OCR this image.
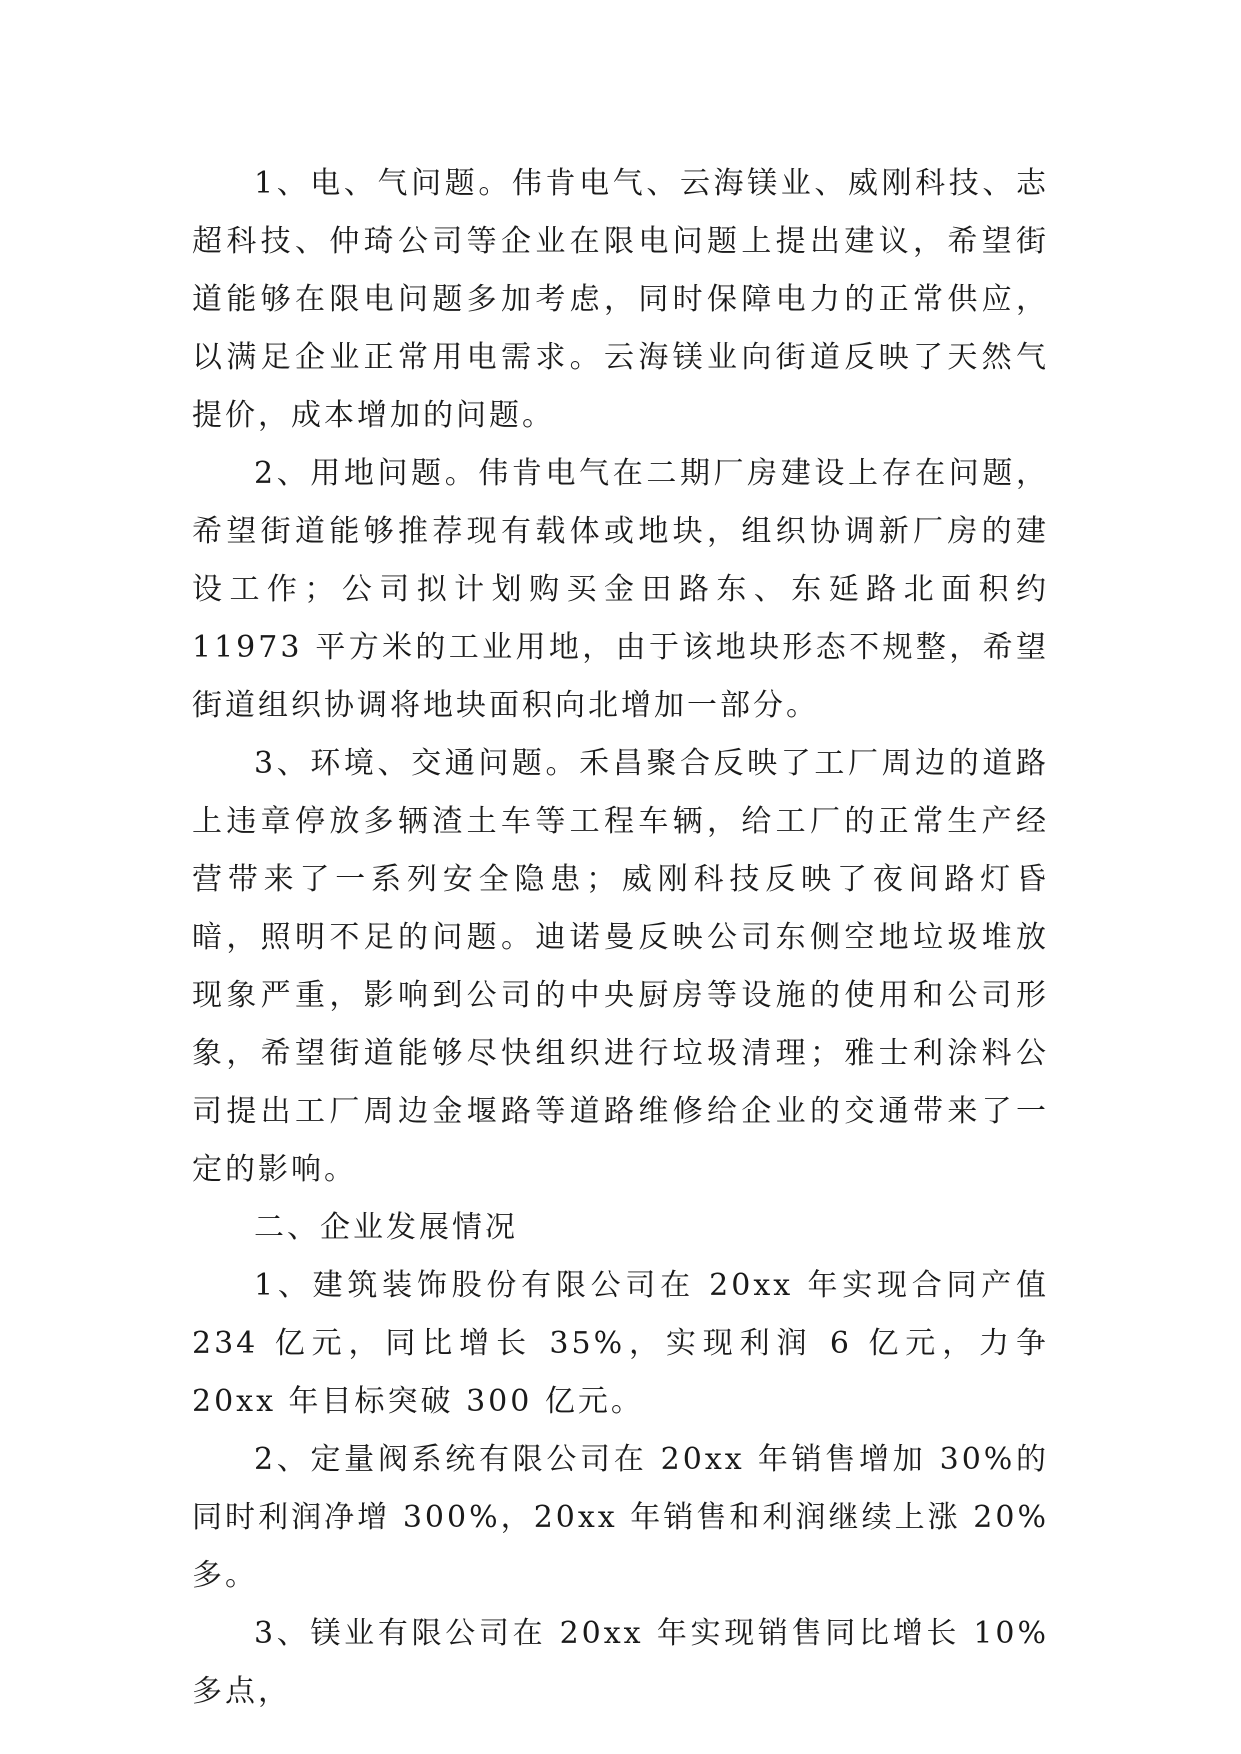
1、电、气问题。伟肯电气、云海镁业、威刚科技、志超科技、仲琦公司等企业在限电问题上提出建议，希望街道能够在限电问题多加考虑，同时保障电力的正常供应，以满足企业正常用电需求。云海镁业向街道反映了天然气提价，成本增加的问题。

2、用地问题。伟肯电气在二期厂房建设上存在问题，希望街道能够推荐现有载体或地块，组织协调新厂房的建设工作；公司拟计划购买金田路东、东延路北面积约 11973 平方米的工业用地，由于该地块形态不规整，希望街道组织协调将地块面积向北增加一部分。

3、环境、交通问题。禾昌聚合反映了工厂周边的道路上违章停放多辆渣土车等工程车辆，给工厂的正常生产经营带来了一系列安全隐患；威刚科技反映了夜间路灯昏暗，照明不足的问题。迪诺曼反映公司东侧空地垃圾堆放现象严重，影响到公司的中央厨房等设施的使用和公司形象，希望街道能够尽快组织进行垃圾清理；雅士利涂料公司提出工厂周边金堰路等道路维修给企业的交通带来了一定的影响。

二、企业发展情况

1、建筑装饰股份有限公司在 20xx 年实现合同产值 234 亿元，同比增长 35%，实现利润 6 亿元，力争 20xx 年目标突破 300 亿元。

2、定量阀系统有限公司在 20xx 年销售增加 30%的同时利润净增 300%，20xx 年销售和利润继续上涨 20%多。

3、镁业有限公司在 20xx 年实现销售同比增长 10%多点，
